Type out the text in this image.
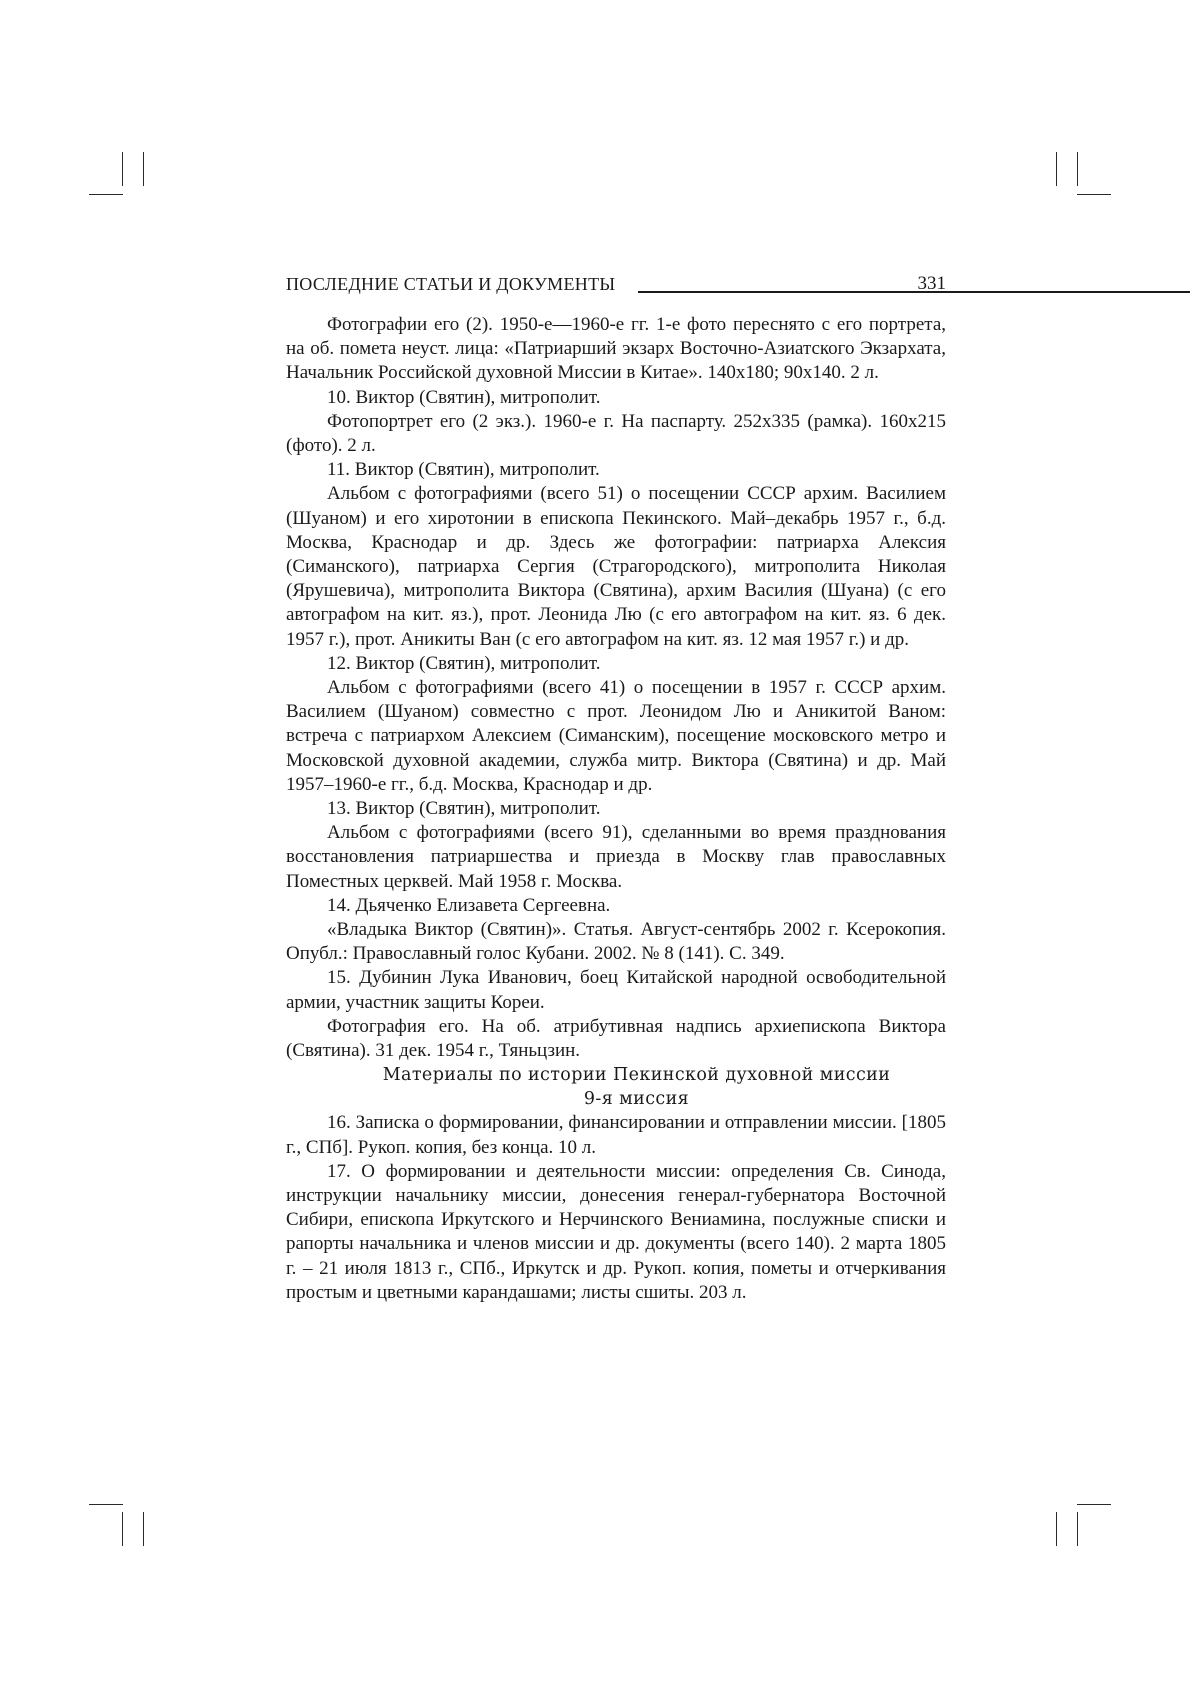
ПОСЛЕДНИЕ СТАТЬИ И ДОКУМЕНТЫ	331

Фотографии его (2). 1950-е—1960-е гг. 1-е фото переснято с его портрета, на об. пометa неуст. лица: «Патриарший экзарх Восточно-Азиатского Экзархата, Начальник Российской духовной Миссии в Китае». 140х180; 90х140. 2 л.

10. Виктор (Святин), митрополит.

Фотопортрет его (2 экз.). 1960-е г. На паспарту. 252х335 (рамка). 160х215 (фото). 2 л.

11. Виктор (Святин), митрополит.

Альбом с фотографиями (всего 51) о посещении СССР архим. Василием (Шуаном) и его хиротонии в епископа Пекинского. Май–декабрь 1957 г., б.д. Москва, Краснодар и др. Здесь же фотографии: патриарха Алексия (Симанского), патриарха Сергия (Страгородского), митрополита Николая (Ярушевича), митрополита Виктора (Святина), архим Василия (Шуана) (с его автографом на кит. яз.), прот. Леонида Лю (с его автографом на кит. яз. 6 дек. 1957 г.), прот. Аникиты Ван (с его автографом на кит. яз. 12 мая 1957 г.) и др.

12. Виктор (Святин), митрополит.

Альбом с фотографиями (всего 41) о посещении в 1957 г. СССР архим. Василием (Шуаном) совместно с прот. Леонидом Лю и Аникитой Ваном: встреча с патриархом Алексием (Симанским), посещение московского метро и Московской духовной академии, служба митр. Виктора (Святина) и др. Май 1957–1960-е гг., б.д. Москва, Краснодар и др.

13. Виктор (Святин), митрополит.

Альбом с фотографиями (всего 91), сделанными во время празднования восстановления патриаршества и приезда в Москву глав православных Поместных церквей. Май 1958 г. Москва.

14. Дьяченко Елизавета Сергеевна.

«Владыка Виктор (Святин)». Статья. Август-сентябрь 2002 г. Ксерокопия. Опубл.: Православный голос Кубани. 2002. № 8 (141). С. 349.

15. Дубинин Лука Иванович, боец Китайской народной освободительной армии, участник защиты Кореи.

Фотография его. На об. атрибутивная надпись архиепископа Виктора (Святина). 31 дек. 1954 г., Тяньцзин.

Материалы по истории Пекинской духовной миссии

9-я миссия

16. Записка о формировании, финансировании и отправлении миссии. [1805 г., СПб]. Рукоп. копия, без конца. 10 л.

17. О формировании и деятельности миссии: определения Св. Синода, инструкции начальнику миссии, донесения генерал-губернатора Восточной Сибири, епископа Иркутского и Нерчинского Вениамина, послужные списки и рапорты начальника и членов миссии и др. документы (всего 140). 2 марта 1805 г. – 21 июля 1813 г., СПб., Иркутск и др. Рукоп. копия, пометы и отчеркивания простым и цветными карандашами; листы сшиты. 203 л.
